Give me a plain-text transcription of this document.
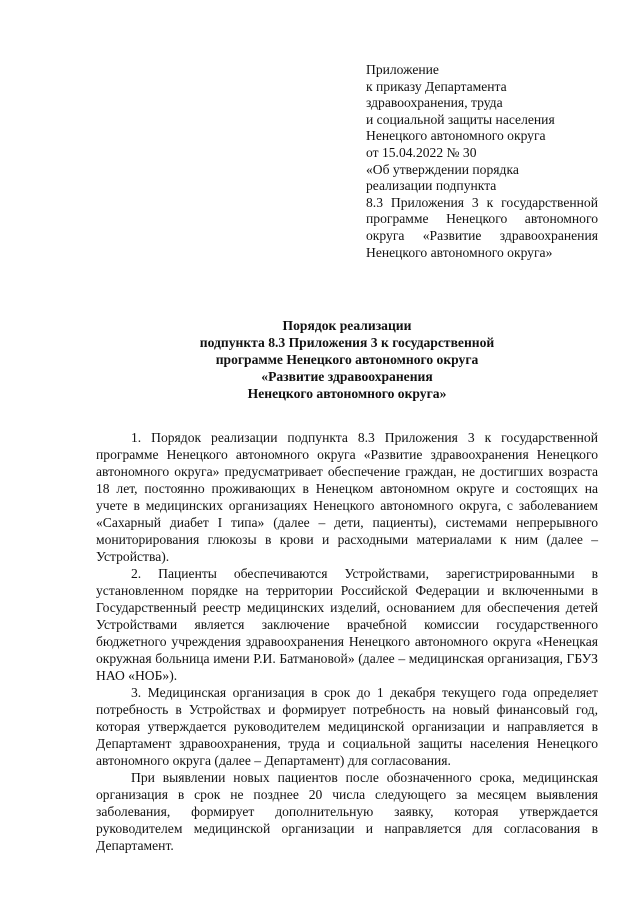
Приложение
к приказу Департамента
здравоохранения, труда
и социальной защиты населения
Ненецкого автономного округа
от 15.04.2022 № 30
«Об утверждении порядка
реализации подпункта
8.3 Приложения 3 к государственной
программе Ненецкого автономного
округа «Развитие здравоохранения
Ненецкого автономного округа»
Порядок реализации
подпункта 8.3 Приложения 3 к государственной
программе Ненецкого автономного округа
«Развитие здравоохранения
Ненецкого автономного округа»

1. Порядок реализации подпункта 8.3 Приложения 3 к государственной программе Ненецкого автономного округа «Развитие здравоохранения Ненецкого автономного округа» предусматривает обеспечение граждан, не достигших возраста 18 лет, постоянно проживающих в Ненецком автономном округе и состоящих на учете в медицинских организациях Ненецкого автономного округа, с заболеванием «Сахарный диабет I типа» (далее – дети, пациенты), системами непрерывного мониторирования глюкозы в крови и расходными материалами к ним (далее – Устройства).

2. Пациенты обеспечиваются Устройствами, зарегистрированными в установленном порядке на территории Российской Федерации и включенными в Государственный реестр медицинских изделий, основанием для обеспечения детей Устройствами является заключение врачебной комиссии государственного бюджетного учреждения здравоохранения Ненецкого автономного округа «Ненецкая окружная больница имени Р.И. Батмановой» (далее – медицинская организация, ГБУЗ НАО «НОБ»).

3. Медицинская организация в срок до 1 декабря текущего года определяет потребность в Устройствах и формирует потребность на новый финансовый год, которая утверждается руководителем медицинской организации и направляется в Департамент здравоохранения, труда и социальной защиты населения Ненецкого автономного округа (далее – Департамент) для согласования.

При выявлении новых пациентов после обозначенного срока, медицинская организация в срок не позднее 20 числа следующего за месяцем выявления заболевания, формирует дополнительную заявку, которая утверждается руководителем медицинской организации и направляется для согласования в Департамент.
